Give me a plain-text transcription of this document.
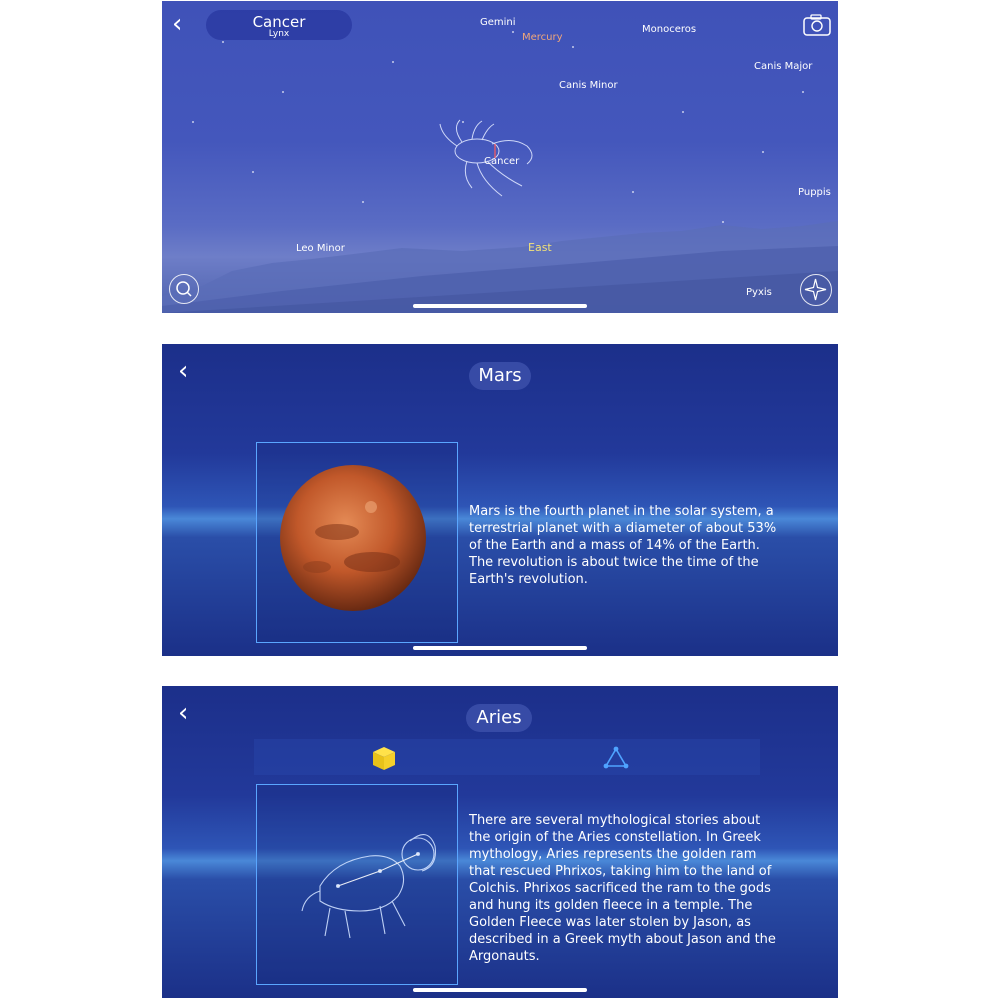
‹	Cancer
Lynx
Gemini
Mercury
Monoceros
Canis Major
Canis Minor
Cancer
Puppis
Leo Minor	East
Pyxis
‹	Mars
Mars is the fourth planet in the solar system, a
terrestrial planet with a diameter of about 53%
of the Earth and a mass of 14% of the Earth.
The revolution is about twice the time of the
Earth's revolution.
‹	Aries
There are several mythological stories about
the origin of the Aries constellation. In Greek
mythology, Aries represents the golden ram
that rescued Phrixos, taking him to the land of
Colchis. Phrixos sacrificed the ram to the gods
and hung its golden fleece in a temple. The
Golden Fleece was later stolen by Jason, as
described in a Greek myth about Jason and the
Argonauts.
